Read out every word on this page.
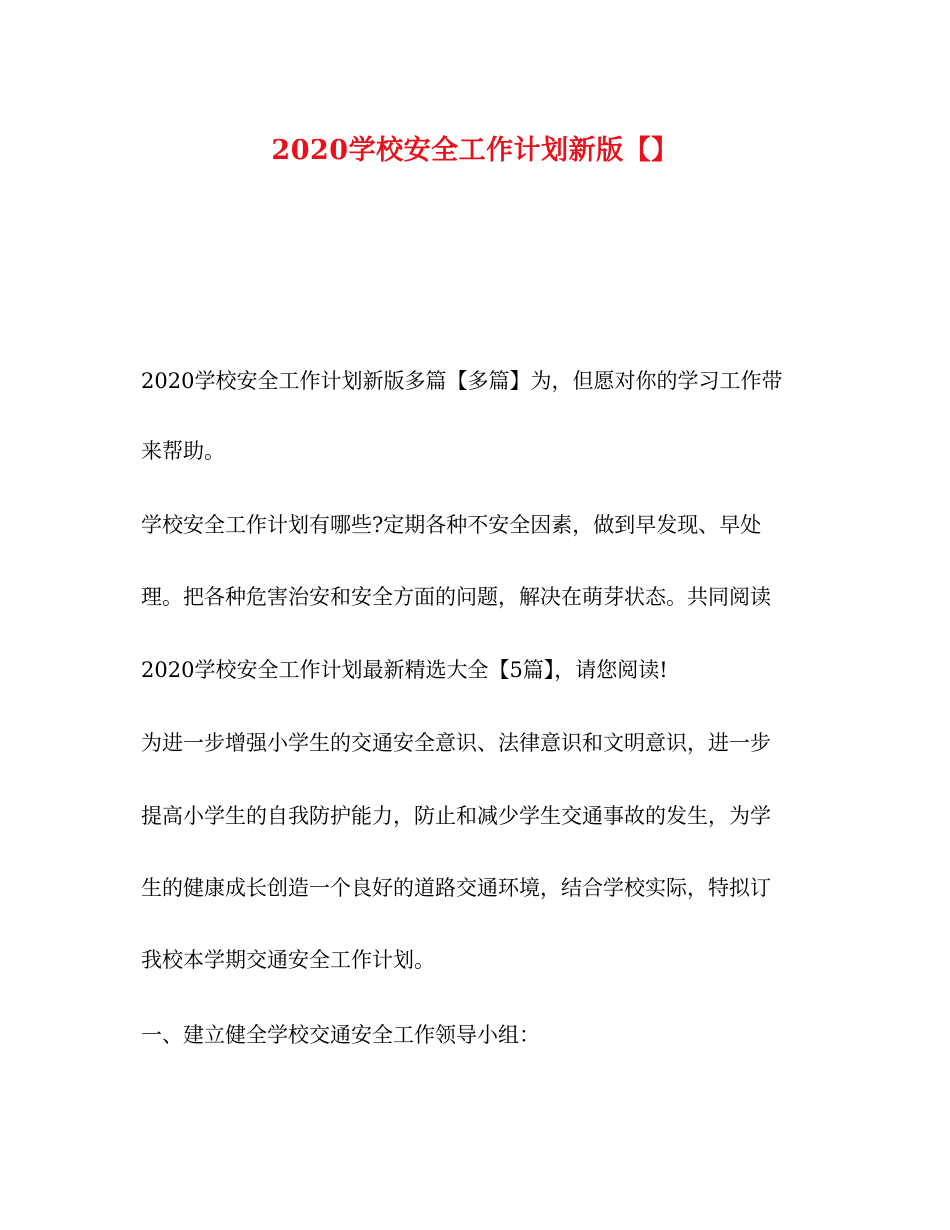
2020学校安全工作计划新版【】
2020学校安全工作计划新版多篇【多篇】为，但愿对你的学习工作带
来帮助。
学校安全工作计划有哪些?定期各种不安全因素，做到早发现、早处
理。把各种危害治安和安全方面的问题，解决在萌芽状态。共同阅读
2020学校安全工作计划最新精选大全【5篇】，请您阅读!
为进一步增强小学生的交通安全意识、法律意识和文明意识，进一步
提高小学生的自我防护能力，防止和减少学生交通事故的发生，为学
生的健康成长创造一个良好的道路交通环境，结合学校实际，特拟订
我校本学期交通安全工作计划。
一、建立健全学校交通安全工作领导小组：
